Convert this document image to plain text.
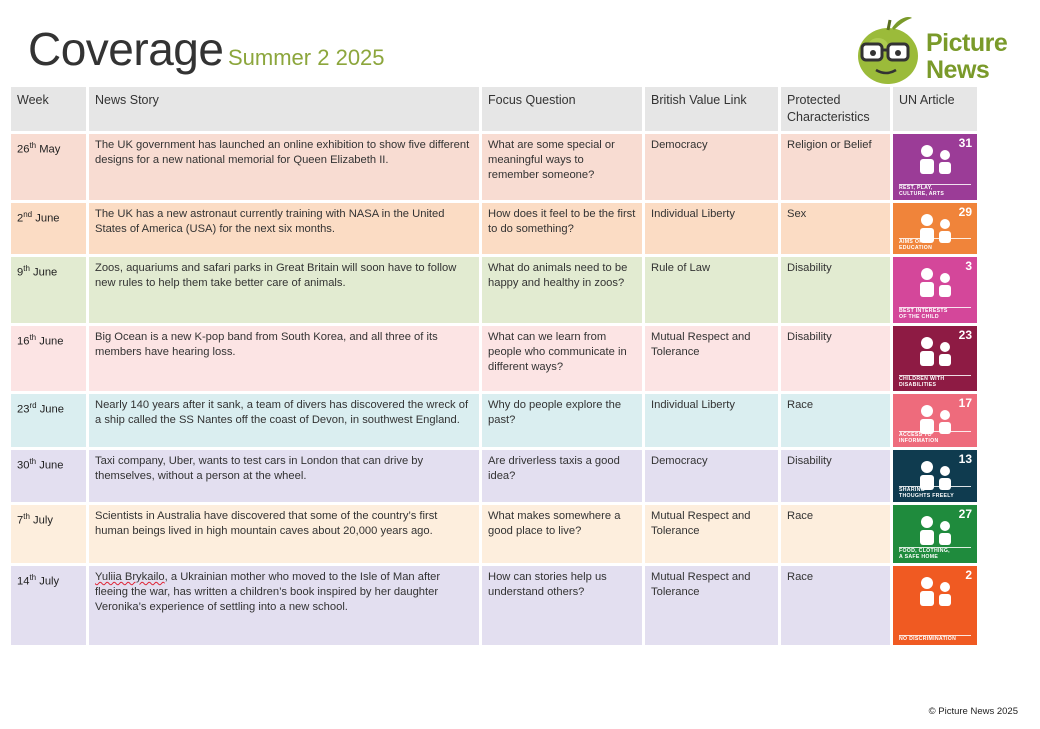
Coverage Summer 2 2025
Picture
News
Week	News Story	Focus Question	British Value Link	Protected Characteristics	UN Article
26th May	The UK government has launched an online exhibition to show five different designs for a new national memorial for Queen Elizabeth II.	What are some special or meaningful ways to remember someone?	Democracy	Religion or Belief	31
REST, PLAY,
CULTURE, ARTS

2nd June	The UK has a new astronaut currently training with NASA in the United States of America (USA) for the next six months.	How does it feel to be the first to do something?	Individual Liberty	Sex	29
AIMS OF
EDUCATION

9th June	Zoos, aquariums and safari parks in Great Britain will soon have to follow new rules to help them take better care of animals.	What do animals need to be happy and healthy in zoos?	Rule of Law	Disability	3
BEST INTERESTS
OF THE CHILD

16th June	Big Ocean is a new K-pop band from South Korea, and all three of its members have hearing loss.	What can we learn from people who communicate in different ways?	Mutual Respect and Tolerance	Disability	23
CHILDREN WITH
DISABILITIES

23rd June	Nearly 140 years after it sank, a team of divers has discovered the wreck of a ship called the SS Nantes off the coast of Devon, in southwest England.	Why do people explore the past?	Individual Liberty	Race	17
ACCESS TO
INFORMATION

30th June	Taxi company, Uber, wants to test cars in London that can drive by themselves, without a person at the wheel.	Are driverless taxis a good idea?	Democracy	Disability	13
SHARING
THOUGHTS FREELY

7th July	Scientists in Australia have discovered that some of the country’s first human beings lived in high mountain caves about 20,000 years ago.	What makes somewhere a good place to live?	Mutual Respect and Tolerance	Race	27
FOOD, CLOTHING,
A SAFE HOME

14th July	Yuliia Brykailo, a Ukrainian mother who moved to the Isle of Man after fleeing the war, has written a children’s book inspired by her daughter Veronika’s experience of settling into a new school.	How can stories help us understand others?	Mutual Respect and Tolerance	Race	2
NO DISCRIMINATION
© Picture News 2025
